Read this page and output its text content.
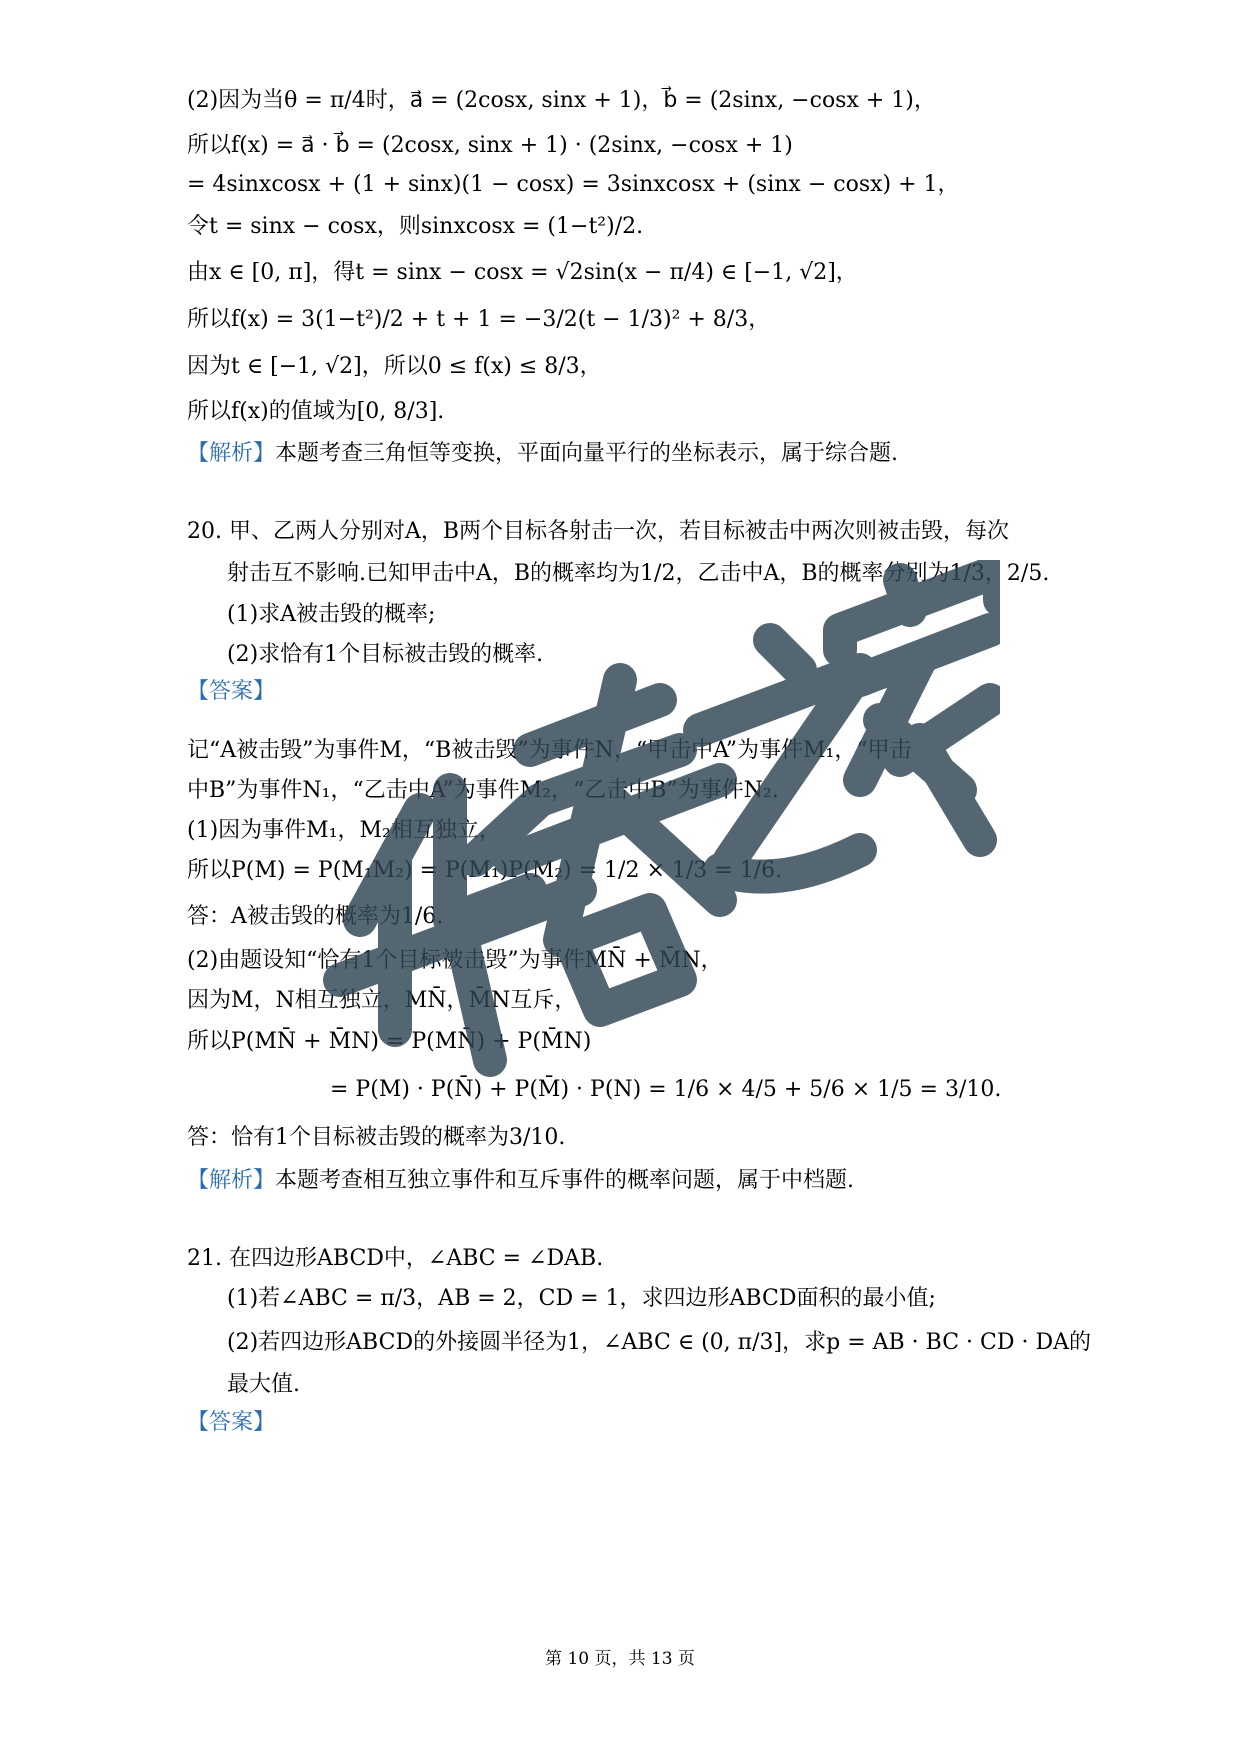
(2)因为当θ = π/4时，a⃗ = (2cosx, sinx + 1)，b⃗ = (2sinx, −cosx + 1)，
所以f(x) = a⃗ · b⃗ = (2cosx, sinx + 1) · (2sinx, −cosx + 1)
= 4sinxcosx + (1 + sinx)(1 − cosx) = 3sinxcosx + (sinx − cosx) + 1，
令t = sinx − cosx，则sinxcosx = (1−t²)/2.
由x ∈ [0, π]，得t = sinx − cosx = √2sin(x − π/4) ∈ [−1, √2]，
所以f(x) = 3(1−t²)/2 + t + 1 = −3/2(t − 1/3)² + 8/3，
因为t ∈ [−1, √2]，所以0 ≤ f(x) ≤ 8/3，
所以f(x)的值域为[0, 8/3].
【解析】本题考查三角恒等变换，平面向量平行的坐标表示，属于综合题.
20. 甲、乙两人分别对A，B两个目标各射击一次，若目标被击中两次则被击毁，每次
射击互不影响.已知甲击中A，B的概率均为1/2，乙击中A，B的概率分别为1/3，2/5.
(1)求A被击毁的概率;
(2)求恰有1个目标被击毁的概率.
【答案】
记“A被击毁”为事件M，“B被击毁”为事件N，“甲击中A”为事件M₁，“甲击
中B”为事件N₁，“乙击中A”为事件M₂，“乙击中B”为事件N₂.
(1)因为事件M₁，M₂相互独立，
所以P(M) = P(M₁M₂) = P(M₁)P(M₂) = 1/2 × 1/3 = 1/6.
答：A被击毁的概率为1/6.
(2)由题设知“恰有1个目标被击毁”为事件MN̄ + M̄N，
因为M，N相互独立，MN̄，M̄N互斥，
所以P(MN̄ + M̄N) = P(MN̄) + P(M̄N)
= P(M) · P(N̄) + P(M̄) · P(N) = 1/6 × 4/5 + 5/6 × 1/5 = 3/10.
答：恰有1个目标被击毁的概率为3/10.
【解析】本题考查相互独立事件和互斥事件的概率问题，属于中档题.
21. 在四边形ABCD中，∠ABC = ∠DAB.
(1)若∠ABC = π/3，AB = 2，CD = 1，求四边形ABCD面积的最小值;
(2)若四边形ABCD的外接圆半径为1，∠ABC ∈ (0, π/3]，求p = AB · BC · CD · DA的
最大值.
【答案】
第 10 页，共 13 页
